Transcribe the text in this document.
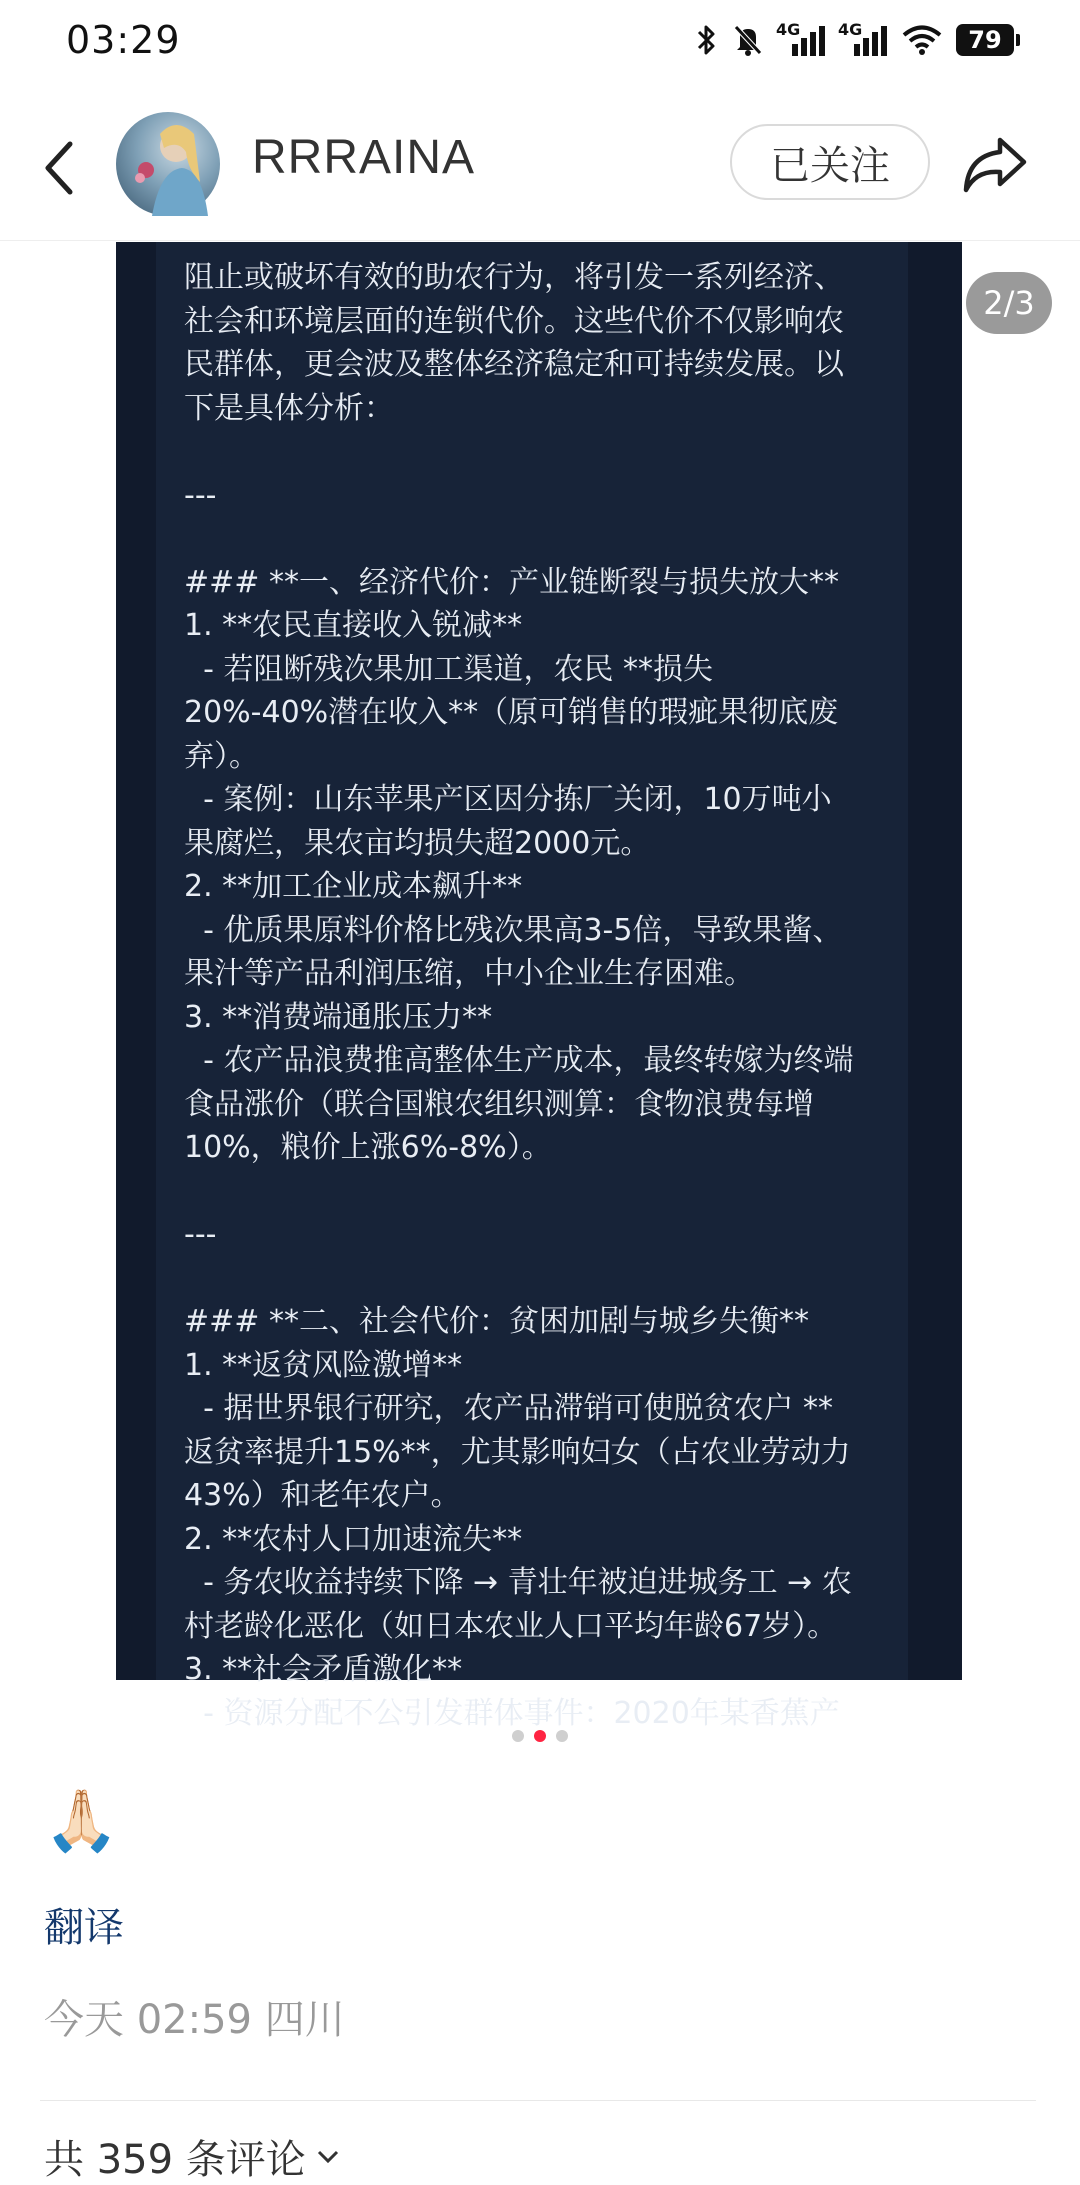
03:29	4G 4G	79
RRRAINA	已关注
阻止或破坏有效的助农行为，将引发一系列经济、
社会和环境层面的连锁代价。这些代价不仅影响农
民群体，更会波及整体经济稳定和可持续发展。以
下是具体分析：

---

### **一、经济代价：产业链断裂与损失放大**
1. **农民直接收入锐减**
- 若阻断残次果加工渠道，农民 **损失
20%-40%潜在收入**（原可销售的瑕疵果彻底废
弃）。
- 案例：山东苹果产区因分拣厂关闭，10万吨小
果腐烂，果农亩均损失超2000元。
2. **加工企业成本飙升**
- 优质果原料价格比残次果高3-5倍，导致果酱、
果汁等产品利润压缩，中小企业生存困难。
3. **消费端通胀压力**
- 农产品浪费推高整体生产成本，最终转嫁为终端
食品涨价（联合国粮农组织测算：食物浪费每增
10%，粮价上涨6%-8%）。

---

### **二、社会代价：贫困加剧与城乡失衡**
1. **返贫风险激增**
- 据世界银行研究，农产品滞销可使脱贫农户 **
返贫率提升15%**，尤其影响妇女（占农业劳动力
43%）和老年农户。
2. **农村人口加速流失**
- 务农收益持续下降 → 青壮年被迫进城务工 → 农
村老龄化恶化（如日本农业人口平均年龄67岁）。
3. **社会矛盾激化**
- 资源分配不公引发群体事件：2020年某香蕉产
2/3
🙏🏻
翻译
今天 02:59 四川
共 359 条评论
